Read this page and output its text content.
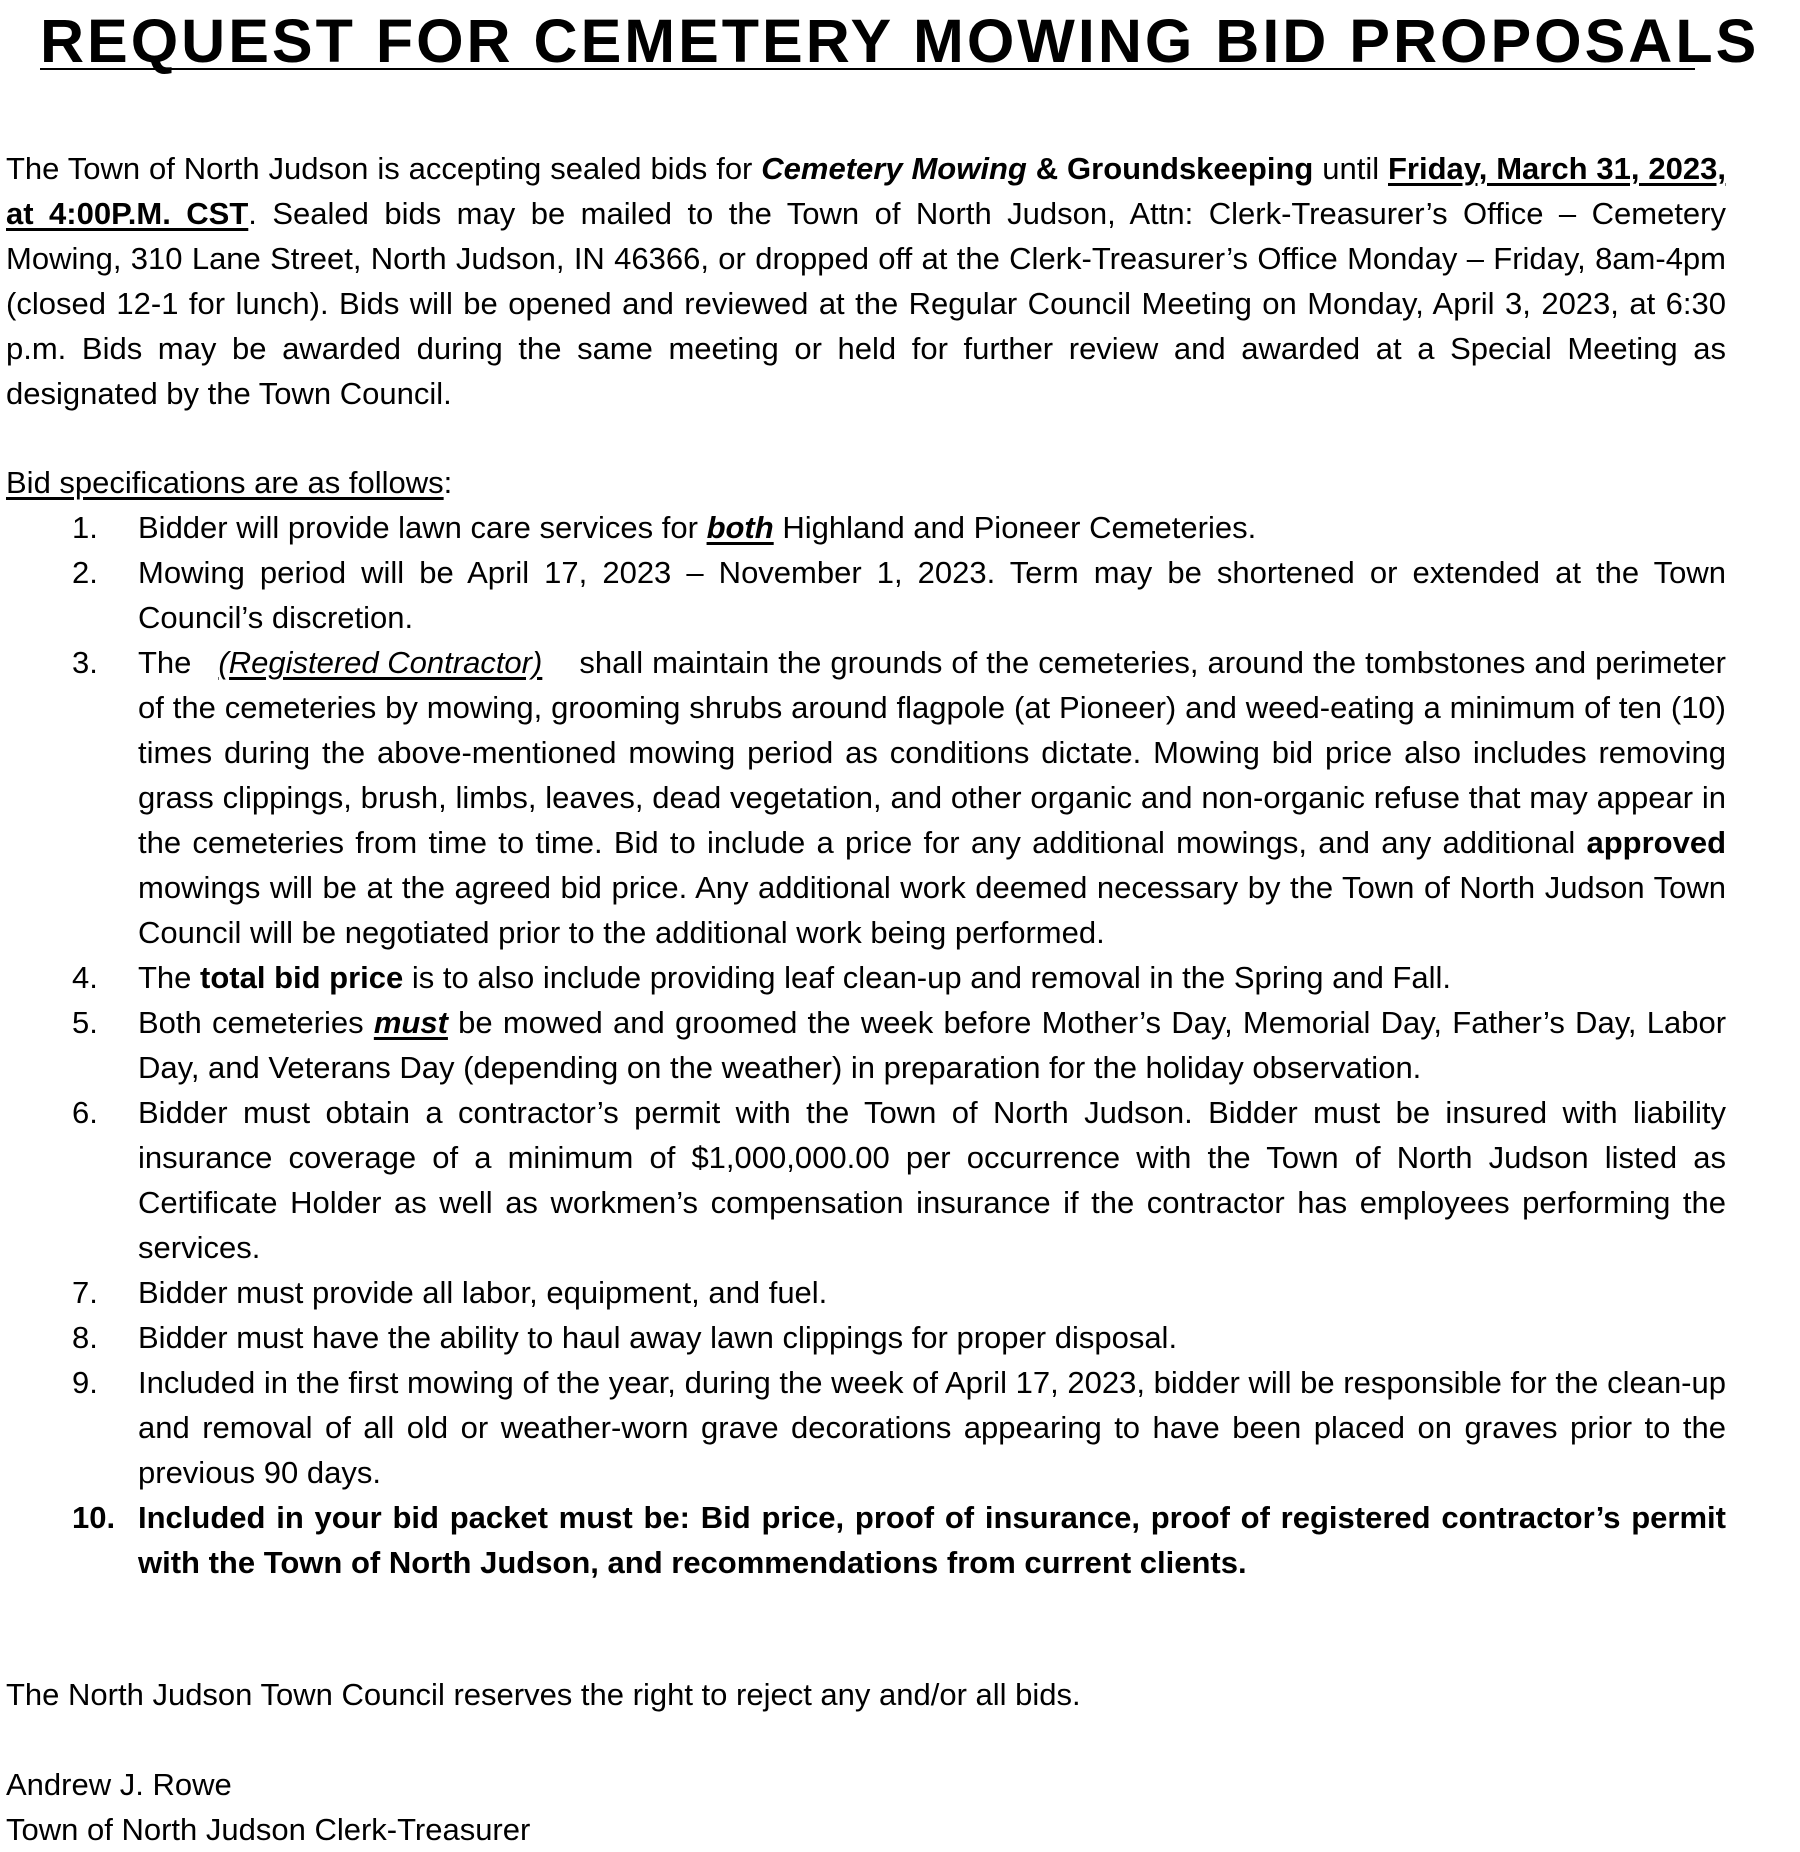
REQUEST FOR CEMETERY MOWING BID PROPOSALS

The Town of North Judson is accepting sealed bids for Cemetery Mowing & Groundskeeping until Friday, March 31, 2023, at 4:00P.M. CST. Sealed bids may be mailed to the Town of North Judson, Attn: Clerk-Treasurer’s Office – Cemetery Mowing, 310 Lane Street, North Judson, IN 46366, or dropped off at the Clerk-Treasurer’s Office Monday – Friday, 8am-4pm (closed 12-1 for lunch). Bids will be opened and reviewed at the Regular Council Meeting on Monday, April 3, 2023, at 6:30 p.m. Bids may be awarded during the same meeting or held for further review and awarded at a Special Meeting as designated by the Town Council.

Bid specifications are as follows:

1. Bidder will provide lawn care services for both Highland and Pioneer Cemeteries.
2. Mowing period will be April 17, 2023 – November 1, 2023. Term may be shortened or extended at the Town Council’s discretion.
3. The (Registered Contractor) shall maintain the grounds of the cemeteries, around the tombstones and perimeter of the cemeteries by mowing, grooming shrubs around flagpole (at Pioneer) and weed-eating a minimum of ten (10) times during the above-mentioned mowing period as conditions dictate. Mowing bid price also includes removing grass clippings, brush, limbs, leaves, dead vegetation, and other organic and non-organic refuse that may appear in the cemeteries from time to time. Bid to include a price for any additional mowings, and any additional approved mowings will be at the agreed bid price. Any additional work deemed necessary by the Town of North Judson Town Council will be negotiated prior to the additional work being performed.
4. The total bid price is to also include providing leaf clean-up and removal in the Spring and Fall.
5. Both cemeteries must be mowed and groomed the week before Mother’s Day, Memorial Day, Father’s Day, Labor Day, and Veterans Day (depending on the weather) in preparation for the holiday observation.
6. Bidder must obtain a contractor’s permit with the Town of North Judson. Bidder must be insured with liability insurance coverage of a minimum of $1,000,000.00 per occurrence with the Town of North Judson listed as Certificate Holder as well as workmen’s compensation insurance if the contractor has employees performing the services.
7. Bidder must provide all labor, equipment, and fuel.
8. Bidder must have the ability to haul away lawn clippings for proper disposal.
9. Included in the first mowing of the year, during the week of April 17, 2023, bidder will be responsible for the clean-up and removal of all old or weather-worn grave decorations appearing to have been placed on graves prior to the previous 90 days.
10. Included in your bid packet must be: Bid price, proof of insurance, proof of registered contractor’s permit with the Town of North Judson, and recommendations from current clients.

The North Judson Town Council reserves the right to reject any and/or all bids.

Andrew J. Rowe

Town of North Judson Clerk-Treasurer
